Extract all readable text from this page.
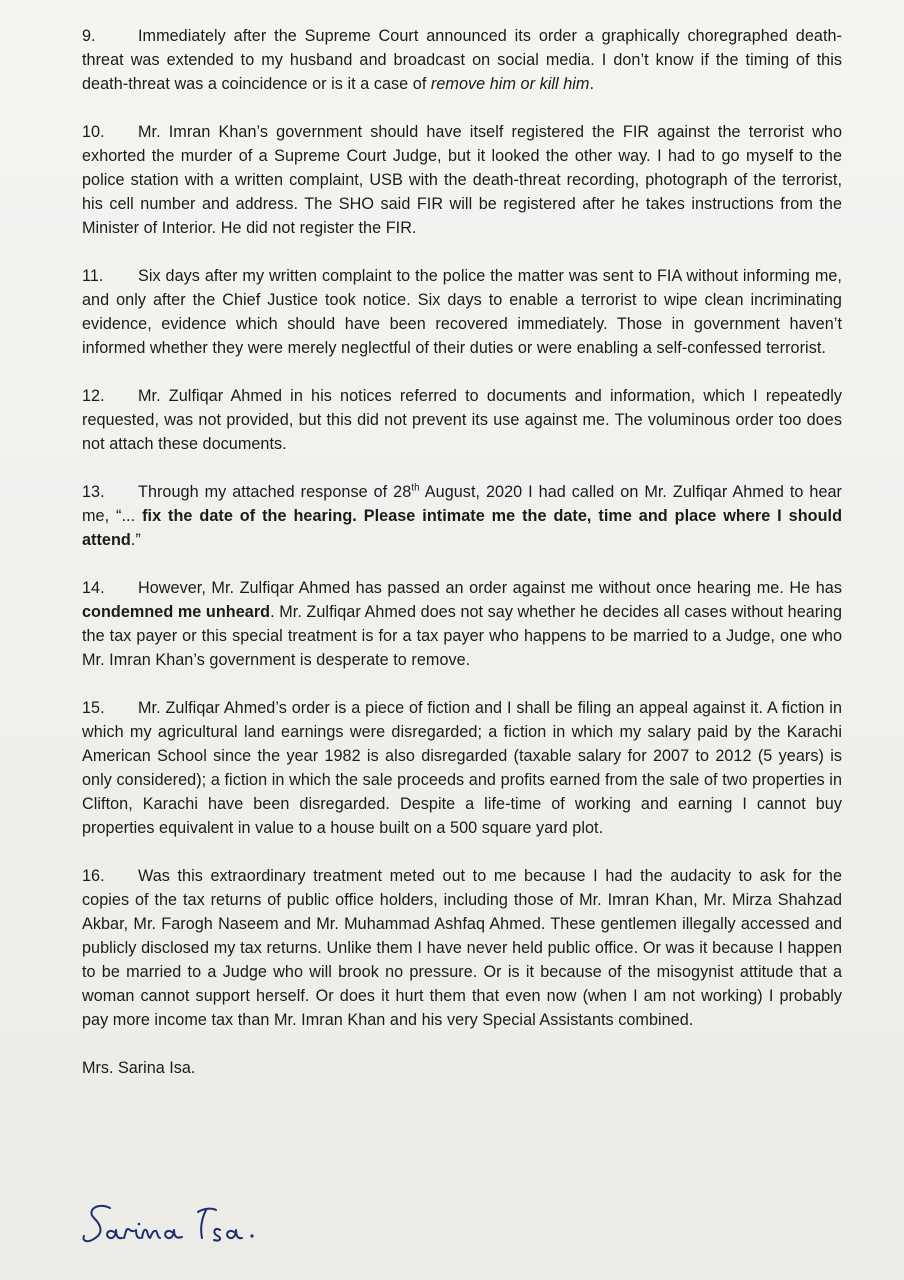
9.	Immediately after the Supreme Court announced its order a graphically choregraphed death-threat was extended to my husband and broadcast on social media. I don’t know if the timing of this death-threat was a coincidence or is it a case of remove him or kill him.

10. Mr. Imran Khan’s government should have itself registered the FIR against the terrorist who exhorted the murder of a Supreme Court Judge, but it looked the other way. I had to go myself to the police station with a written complaint, USB with the death-threat recording, photograph of the terrorist, his cell number and address. The SHO said FIR will be registered after he takes instructions from the Minister of Interior. He did not register the FIR.

11. Six days after my written complaint to the police the matter was sent to FIA without informing me, and only after the Chief Justice took notice. Six days to enable a terrorist to wipe clean incriminating evidence, evidence which should have been recovered immediately. Those in government haven’t informed whether they were merely neglectful of their duties or were enabling a self-confessed terrorist.

12. Mr. Zulfiqar Ahmed in his notices referred to documents and information, which I repeatedly requested, was not provided, but this did not prevent its use against me. The voluminous order too does not attach these documents.

13. Through my attached response of 28th August, 2020 I had called on Mr. Zulfiqar Ahmed to hear me, “... fix the date of the hearing. Please intimate me the date, time and place where I should attend.”

14. However, Mr. Zulfiqar Ahmed has passed an order against me without once hearing me. He has condemned me unheard. Mr. Zulfiqar Ahmed does not say whether he decides all cases without hearing the tax payer or this special treatment is for a tax payer who happens to be married to a Judge, one who Mr. Imran Khan’s government is desperate to remove.

15. Mr. Zulfiqar Ahmed’s order is a piece of fiction and I shall be filing an appeal against it. A fiction in which my agricultural land earnings were disregarded; a fiction in which my salary paid by the Karachi American School since the year 1982 is also disregarded (taxable salary for 2007 to 2012 (5 years) is only considered); a fiction in which the sale proceeds and profits earned from the sale of two properties in Clifton, Karachi have been disregarded. Despite a life-time of working and earning I cannot buy properties equivalent in value to a house built on a 500 square yard plot.

16. Was this extraordinary treatment meted out to me because I had the audacity to ask for the copies of the tax returns of public office holders, including those of Mr. Imran Khan, Mr. Mirza Shahzad Akbar, Mr. Farogh Naseem and Mr. Muhammad Ashfaq Ahmed. These gentlemen illegally accessed and publicly disclosed my tax returns. Unlike them I have never held public office. Or was it because I happen to be married to a Judge who will brook no pressure. Or is it because of the misogynist attitude that a woman cannot support herself. Or does it hurt them that even now (when I am not working) I probably pay more income tax than Mr. Imran Khan and his very Special Assistants combined.

Mrs. Sarina Isa.

Sarina Isa.
